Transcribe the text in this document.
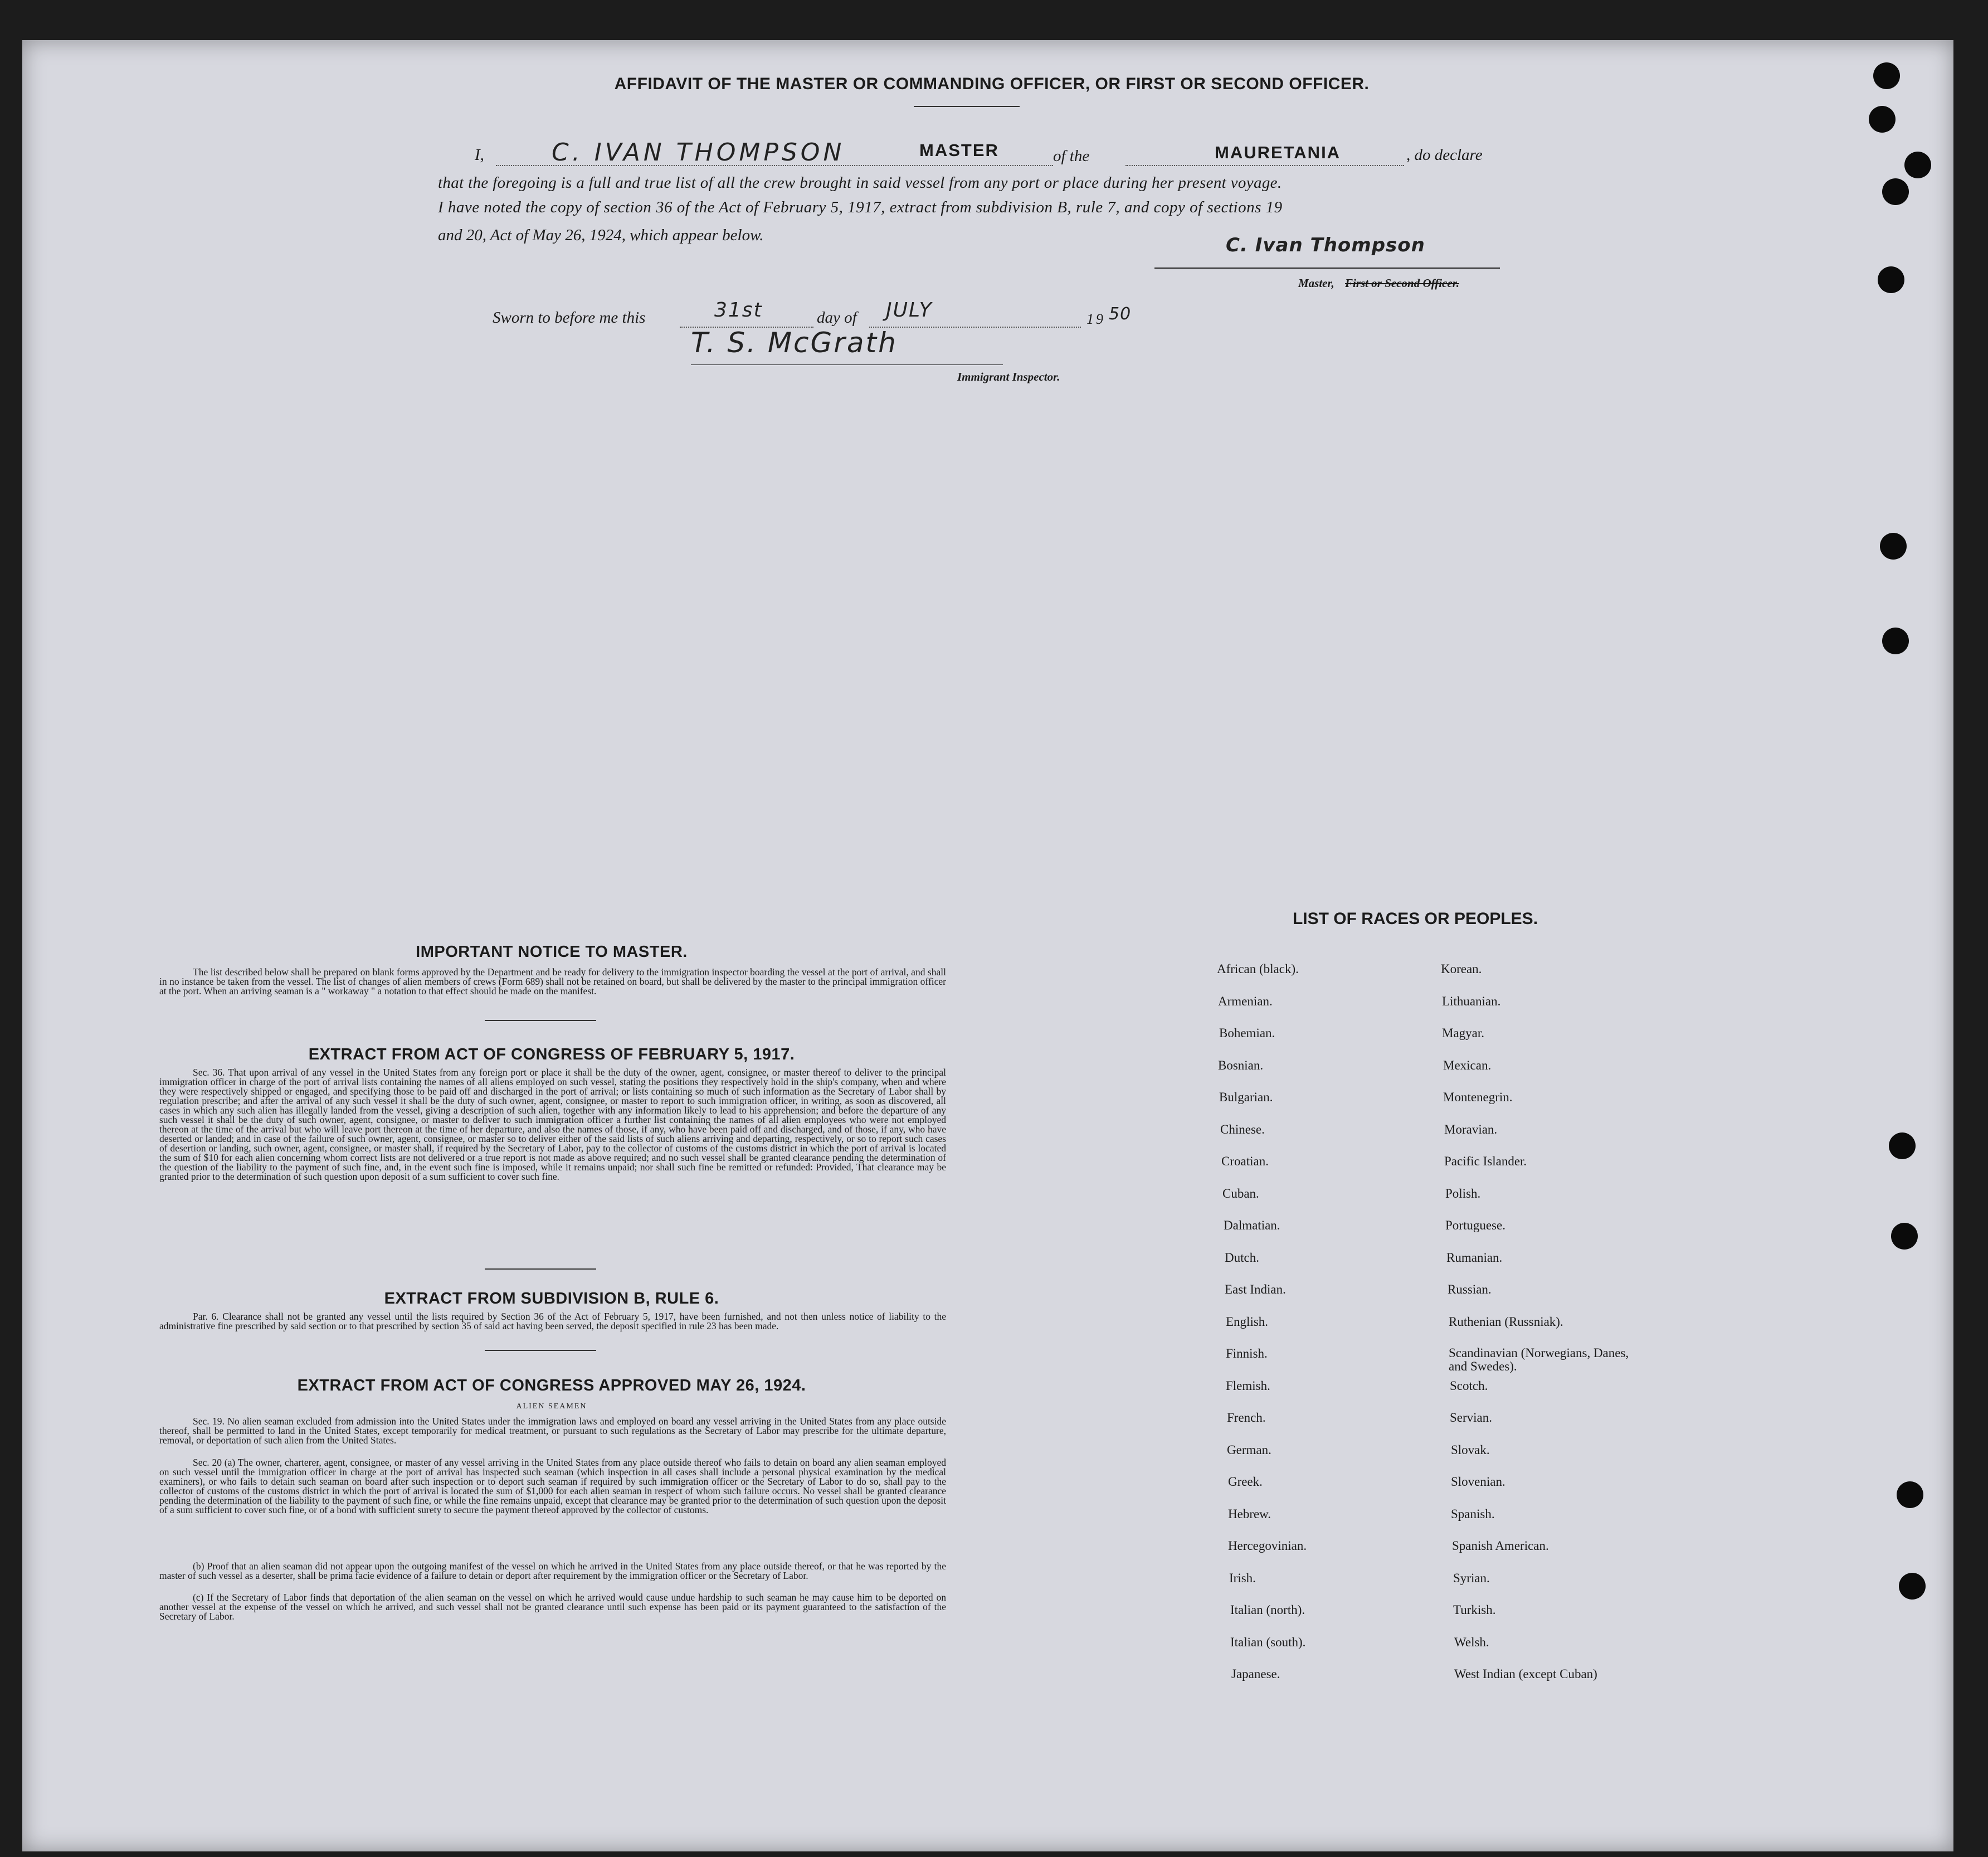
AFFIDAVIT OF THE MASTER OR COMMANDING OFFICER, OR FIRST OR SECOND OFFICER.
I,	C. IVAN THOMPSON	MASTER	of the	MAURETANIA	, do declare
that the foregoing is a full and true list of all the crew brought in said vessel from any port or place during her present voyage.
I have noted the copy of section 36 of the Act of February 5, 1917, extract from subdivision B, rule 7, and copy of sections 19
and 20, Act of May 26, 1924, which appear below.	C. Ivan Thompson
Master, First or Second Officer.
Sworn to before me this	31st	day of JULY	19 50
T. S. McGrath
Immigrant Inspector.
IMPORTANT NOTICE TO MASTER.
The list described below shall be prepared on blank forms approved by the Department and be ready for delivery to the immigration inspector boarding the vessel at the port of arrival, and shall in no instance be taken from the vessel. The list of changes of alien members of crews (Form 689) shall not be retained on board, but shall be delivered by the master to the principal immigration officer at the port. When an arriving seaman is a " workaway " a notation to that effect should be made on the manifest.
EXTRACT FROM ACT OF CONGRESS OF FEBRUARY 5, 1917.
Sec. 36. That upon arrival of any vessel in the United States from any foreign port or place it shall be the duty of the owner, agent, consignee, or master thereof to deliver to the principal immigration officer in charge of the port of arrival lists containing the names of all aliens employed on such vessel, stating the positions they respectively hold in the ship's company, when and where they were respectively shipped or engaged, and specifying those to be paid off and discharged in the port of arrival; or lists containing so much of such information as the Secretary of Labor shall by regulation prescribe; and after the arrival of any such vessel it shall be the duty of such owner, agent, consignee, or master to report to such immigration officer, in writing, as soon as discovered, all cases in which any such alien has illegally landed from the vessel, giving a description of such alien, together with any information likely to lead to his apprehension; and before the departure of any such vessel it shall be the duty of such owner, agent, consignee, or master to deliver to such immigration officer a further list containing the names of all alien employees who were not employed thereon at the time of the arrival but who will leave port thereon at the time of her departure, and also the names of those, if any, who have been paid off and discharged, and of those, if any, who have deserted or landed; and in case of the failure of such owner, agent, consignee, or master so to deliver either of the said lists of such aliens arriving and departing, respectively, or so to report such cases of desertion or landing, such owner, agent, consignee, or master shall, if required by the Secretary of Labor, pay to the collector of customs of the customs district in which the port of arrival is located the sum of $10 for each alien concerning whom correct lists are not delivered or a true report is not made as above required; and no such vessel shall be granted clearance pending the determination of the question of the liability to the payment of such fine, and, in the event such fine is imposed, while it remains unpaid; nor shall such fine be remitted or refunded: Provided, That clearance may be granted prior to the determination of such question upon deposit of a sum sufficient to cover such fine.
EXTRACT FROM SUBDIVISION B, RULE 6.
Par. 6. Clearance shall not be granted any vessel until the lists required by Section 36 of the Act of February 5, 1917, have been furnished, and not then unless notice of liability to the administrative fine prescribed by said section or to that prescribed by section 35 of said act having been served, the deposit specified in rule 23 has been made.
EXTRACT FROM ACT OF CONGRESS APPROVED MAY 26, 1924.
ALIEN SEAMEN
Sec. 19. No alien seaman excluded from admission into the United States under the immigration laws and employed on board any vessel arriving in the United States from any place outside thereof, shall be permitted to land in the United States, except temporarily for medical treatment, or pursuant to such regulations as the Secretary of Labor may prescribe for the ultimate departure, removal, or deportation of such alien from the United States.
Sec. 20 (a) The owner, charterer, agent, consignee, or master of any vessel arriving in the United States from any place outside thereof who fails to detain on board any alien seaman employed on such vessel until the immigration officer in charge at the port of arrival has inspected such seaman (which inspection in all cases shall include a personal physical examination by the medical examiners), or who fails to detain such seaman on board after such inspection or to deport such seaman if required by such immigration officer or the Secretary of Labor to do so, shall pay to the collector of customs of the customs district in which the port of arrival is located the sum of $1,000 for each alien seaman in respect of whom such failure occurs. No vessel shall be granted clearance pending the determination of the liability to the payment of such fine, or while the fine remains unpaid, except that clearance may be granted prior to the determination of such question upon the deposit of a sum sufficient to cover such fine, or of a bond with sufficient surety to secure the payment thereof approved by the collector of customs.
(b) Proof that an alien seaman did not appear upon the outgoing manifest of the vessel on which he arrived in the United States from any place outside thereof, or that he was reported by the master of such vessel as a deserter, shall be prima facie evidence of a failure to detain or deport after requirement by the immigration officer or the Secretary of Labor.
(c) If the Secretary of Labor finds that deportation of the alien seaman on the vessel on which he arrived would cause undue hardship to such seaman he may cause him to be deported on another vessel at the expense of the vessel on which he arrived, and such vessel shall not be granted clearance until such expense has been paid or its payment guaranteed to the satisfaction of the Secretary of Labor.
LIST OF RACES OR PEOPLES.
African (black).
Armenian.
Bohemian.
Bosnian.
Bulgarian.
Chinese.
Croatian.
Cuban.
Dalmatian.
Dutch.
East Indian.
English.
Finnish.
Flemish.
French.
German.
Greek.
Hebrew.
Hercegovinian.
Irish.
Italian (north).
Italian (south).
Japanese.
Korean.
Lithuanian.
Magyar.
Mexican.
Montenegrin.
Moravian.
Pacific Islander.
Polish.
Portuguese.
Rumanian.
Russian.
Ruthenian (Russniak).
Scandinavian (Norwegians, Danes, and Swedes).
Scotch.
Servian.
Slovak.
Slovenian.
Spanish.
Spanish American.
Syrian.
Turkish.
Welsh.
West Indian (except Cuban)
